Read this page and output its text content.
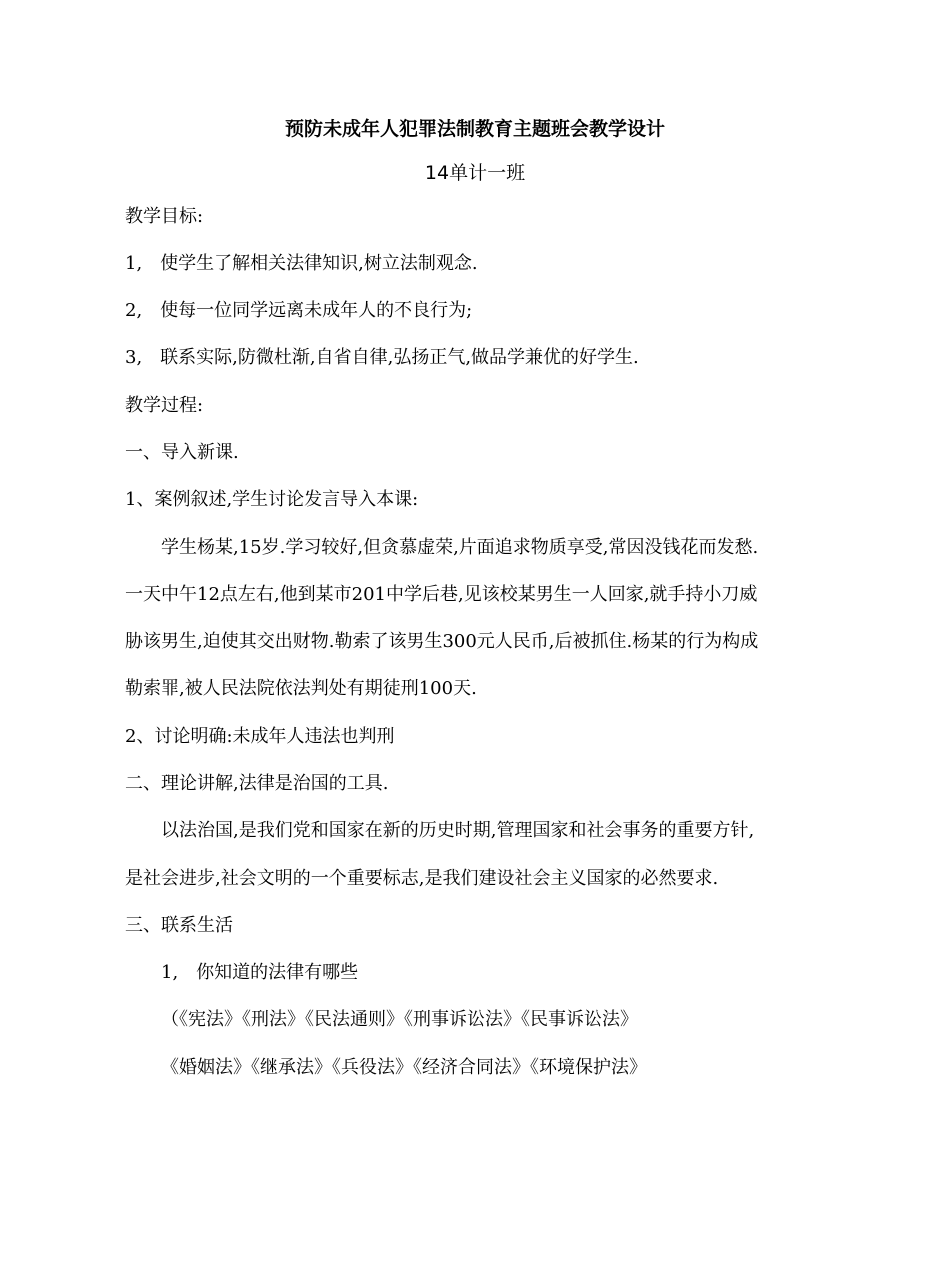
预防未成年人犯罪法制教育主题班会教学设计
14单计一班
教学目标:
1,　使学生了解相关法律知识,树立法制观念.
2,　使每一位同学远离未成年人的不良行为;
3,　联系实际,防微杜渐,自省自律,弘扬正气,做品学兼优的好学生.
教学过程:
一、导入新课.
1、案例叙述,学生讨论发言导入本课:
学生杨某,15岁.学习较好,但贪慕虚荣,片面追求物质享受,常因没钱花而发愁.
一天中午12点左右,他到某市201中学后巷,见该校某男生一人回家,就手持小刀威
胁该男生,迫使其交出财物.勒索了该男生300元人民币,后被抓住.杨某的行为构成
勒索罪,被人民法院依法判处有期徒刑100天.
2、讨论明确:未成年人违法也判刑
二、理论讲解,法律是治国的工具.
以法治国,是我们党和国家在新的历史时期,管理国家和社会事务的重要方针,
是社会进步,社会文明的一个重要标志,是我们建设社会主义国家的必然要求.
三、联系生活
1,　你知道的法律有哪些
（《宪法》《刑法》《民法通则》《刑事诉讼法》《民事诉讼法》
《婚姻法》《继承法》《兵役法》《经济合同法》《环境保护法》
